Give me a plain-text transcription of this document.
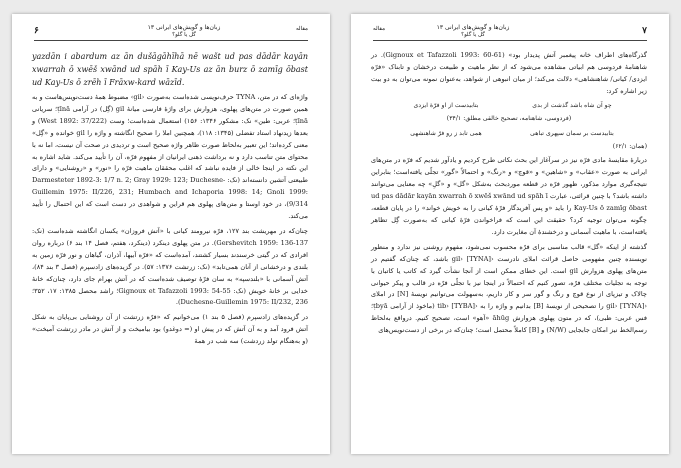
۶	زبان‌ها و گویش‌های ایرانی ۱۳
گل یا گلو؟
مقاله

yazdān i abardum az ān dušāgāhīhā nē wašt ud pas dādār kayān xwarrah ō xwēš xwānd ud spāh ī Kay-Us az ān burz ō zamīg ōbast ud Kay-Us ō zrēh ī Frāxw-kard wāzīd.

واژه‌ای که در متن، TYNA حرف‌نویسی شده‌است به‌صورت ‹gil› مضبوط همهٔ دست‌نویس‌هاست و به همین صورت در متن‌های پهلوی، هزوارش برای واژهٔ فارسی میانهٔ gil (گِل) در آرامی ṭīnā؛ سریانی ṭīnā؛ عربی: طین» نک: مشکور ۱۳۴۶: ۱۵۶) استعمال شده‌است؛ وست (West 1892: 37/222) و بعدها زیدنهاد استاد تفضلی (۱۳۴۵: ۱۱۸)، همچنین املا را صحیح انگاشته و واژه را gil خوانده و «گِل» معنی کرده‌اند؛ این تعبیر به‌لحاظ صورت ظاهر واژه صحیح است و تردیدی در صحت آن نیست، اما نه با محتوای متن تناسب دارد و نه برداشت ذهنی ایرانیان از مفهوم فرّه، آن را تأیید می‌کند. شاید اشاره به این نکته در اینجا خالی از فایده نباشد که اغلب محققان ماهیت فرّه را «نور» و «روشنایی» و دارای طبیعتی آتشین دانسته‌اند (نک: Darmesteter 1892-3: 1/7 n. 2; Gray 1929: 123; Duchesne-Guillemin 1975: II/226, 231; Humbach and Ichaporia 1998: 14; Gnoli 1999: 9/314)، در خود اوستا و متن‌های پهلوی هم قراین و شواهدی در دست است که این احتمال را تأیید می‌کند.

چنان‌که در مهریشت بند ۱۲۷، فرّه نیرومند کیانی با «آتش فروزان» یکسان انگاشته شده‌است (نک: Gershevitch 1959: 136-137). در متن پهلوی دینکرد (دینکرد، هفتم، فصل ۱۴ بند ۶) درباره روان افرادی که در گیتی خرسندند بسیار کشتند، آمده‌است که «فرّه آبیها، آذران، گیاهان و نور فرّه زمین به بلندی و درخشانی از آنان همی‌تابد» (نک: زرتشت ۱۳۷۶: ۵۷). در گزیده‌های زادسپرم (فصل ۳ بند ۸۴)، آتش آسمانی با «بلندسپه» به سان فرّهٔ توصیف شده‌است که در آتش بهرام جای دارد، چنان‌که خانهٔ خدایی بر خانهٔ خویش (نک: Gignoux et Tafazzoli 1993: 54-55؛ راشد محصل ۱۳۸۵: ۱۷، ۳۵۲؛ Duchesne-Guillemin 1975: II/232, 236).

در گزیده‌های زادسپرم (فصل ۵ بند ۱) می‌خوانیم که «فرّه زرتشت از آن روشنایی بی‌پایان به شکل آتش فرود آمد و به آن آتش که در پیش او (= دوغدو) بود بیامیخت و از آتش در مادر زرتشت آمیخت» (و به‌هنگام تولد زردشت) سه شب در همهٔ

مقاله	زبان‌ها و گویش‌های ایرانی ۱۳
گل یا گلو؟	۷

گذرگاه‌های اطراف خانه پیغمبر آتش پدیدار بود» (Gignoux et Tafazzoli 1993: 60-61). در شاهنامهٔ فردوسی هم ابیاتی مشاهده می‌شود که از نظر ماهیت و طبیعت درخشان و تابناک «فرّه ایزدی/ کیانی/ شاهنشاهی» دلالت می‌کند؛ از میان انبوهی از شواهد، به‌عنوان نمونه می‌توان به دو بیت زیر اشاره کرد:

چو آن شاه باشد گذشت از بدی
بتابیدست از او فرّهٔ ایزدی
(فردوسی، شاهنامه، تصحیح خالقی مطلق: ۳۴/۱)
بتابیدست بر سمان سپهری تباهی
همی تابد ز رو فرّ شاهنشهی
(همان: ۶۲/۱)

دربارهٔ مقایسهٔ مادی فرّه نیز در سرآغاز این بحث نکاتی طرح کردیم و یادآور شدیم که فرّه در متن‌های ایرانی به صورت «عقاب» و «شاهین» و «قوچ» و «رنگ» و احتمالاً «گور» تجلّی یافته‌است؛ بنابراین نتیجه‌گیری موارد مذکور، ظهور فرّه در قطعه موردبحث به‌شکل «گل» و «گلِ» چه معنایی می‌توانند داشته باشد؟ با چنین قرائتی، عبارت ud pas dādār kayān xwarrah ō xwēš xwānd ud spāh ī Kay-Us ō zamīg ōbast را باید «و پس آفریدگار فرّهٔ کیانی را به خویش خواند» را در پایان قطعه، چگونه می‌توان توجیه کرد؟ حقیقت این است که فراخواندن فرّهٔ کیانی که به‌صورت گِل تظاهر یافته‌است، با ماهیت آسمانی و درخشندهٔ آن مغایرت دارد.

گذشته از اینکه «گل» قالب مناسبی برای فرّه محسوب نمی‌شود، مفهوم روشنی نیز ندارد و منظور نویسنده چنین مفهومی حاصل قرائت املای نادرست ‹gil› [TYNA] باشد، که چنان‌که گفتیم در متن‌های پهلوی هزوارش gil است. این خطای ممکن است از آنجا نشأت گیرد که کاتب یا کاتبان با توجه به تجلیات مختلف فرّه، تصور کنیم که احتمالاً در اینجا نیز با تجلّی فرّه در قالب و پیکر حیوانی چالاک و تیزپای از نوع قوچ و رنگ و گور سر و کار داریم، به‌سهولت می‌توانیم نویسهٔ [N] در املای ‹gil› [TYNA] را تصحیحی از نویسهٔ [B] بدانیم و واژه را به ‹tib› [TYBA] (ماخوذ از آرامی ṭbyā؛ فس عربی: ظبی)، که در متون پهلوی هزوارش āhūg «آهو» است، تصحیح کنیم. درواقع به‌لحاظ رسم‌الخط نیز امکان جابجایی (N/W) و [B] کاملاً محتمل است؛ چنان‌که در برخی از دست‌نویس‌های
